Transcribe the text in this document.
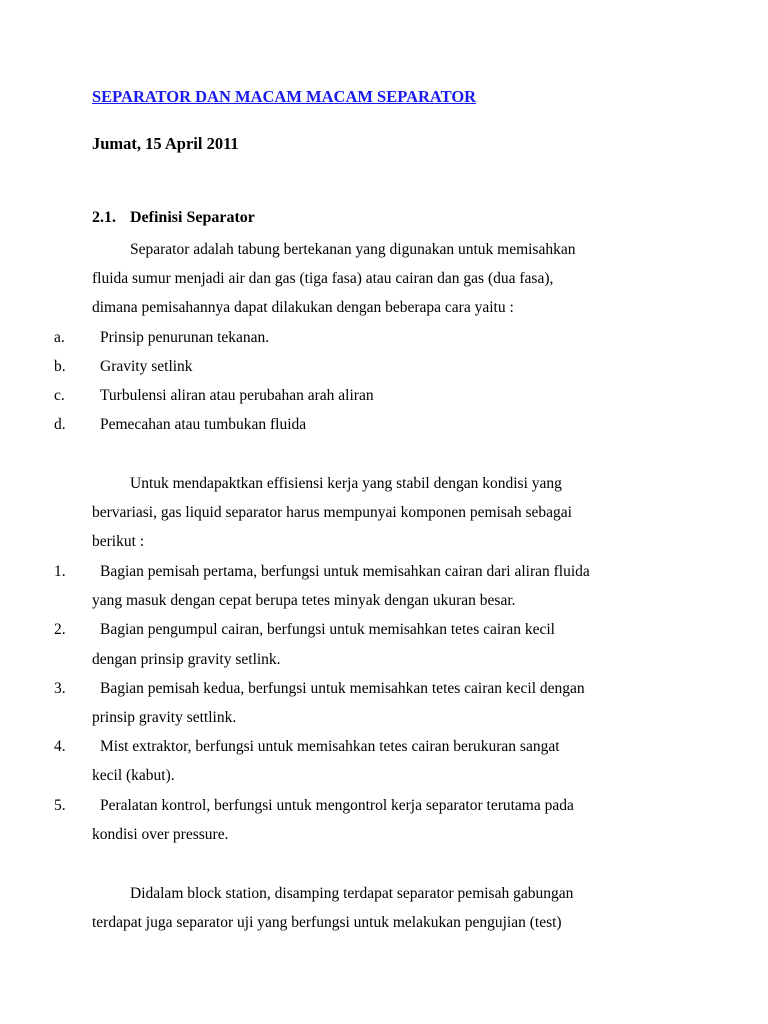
SEPARATOR DAN MACAM MACAM SEPARATOR

Jumat, 15 April 2011

2.1. Definisi Separator

Separator adalah tabung bertekanan yang digunakan untuk memisahkan

fluida sumur menjadi air dan gas (tiga fasa) atau cairan dan gas (dua fasa),

dimana pemisahannya dapat dilakukan dengan beberapa cara yaitu :

a. Prinsip penurunan tekanan.

b. Gravity setlink

c. Turbulensi aliran atau perubahan arah aliran

d. Pemecahan atau tumbukan fluida

Untuk mendapaktkan effisiensi kerja yang stabil dengan kondisi yang

bervariasi, gas liquid separator harus mempunyai komponen pemisah sebagai

berikut :

1. Bagian pemisah pertama, berfungsi untuk memisahkan cairan dari aliran fluida

yang masuk dengan cepat berupa tetes minyak dengan ukuran besar.

2. Bagian pengumpul cairan, berfungsi untuk memisahkan tetes cairan kecil

dengan prinsip gravity setlink.

3. Bagian pemisah kedua, berfungsi untuk memisahkan tetes cairan kecil dengan

prinsip gravity settlink.

4. Mist extraktor, berfungsi untuk memisahkan tetes cairan berukuran sangat

kecil (kabut).

5. Peralatan kontrol, berfungsi untuk mengontrol kerja separator terutama pada

kondisi over pressure.

Didalam block station, disamping terdapat separator pemisah gabungan

terdapat juga separator uji yang berfungsi untuk melakukan pengujian (test)
